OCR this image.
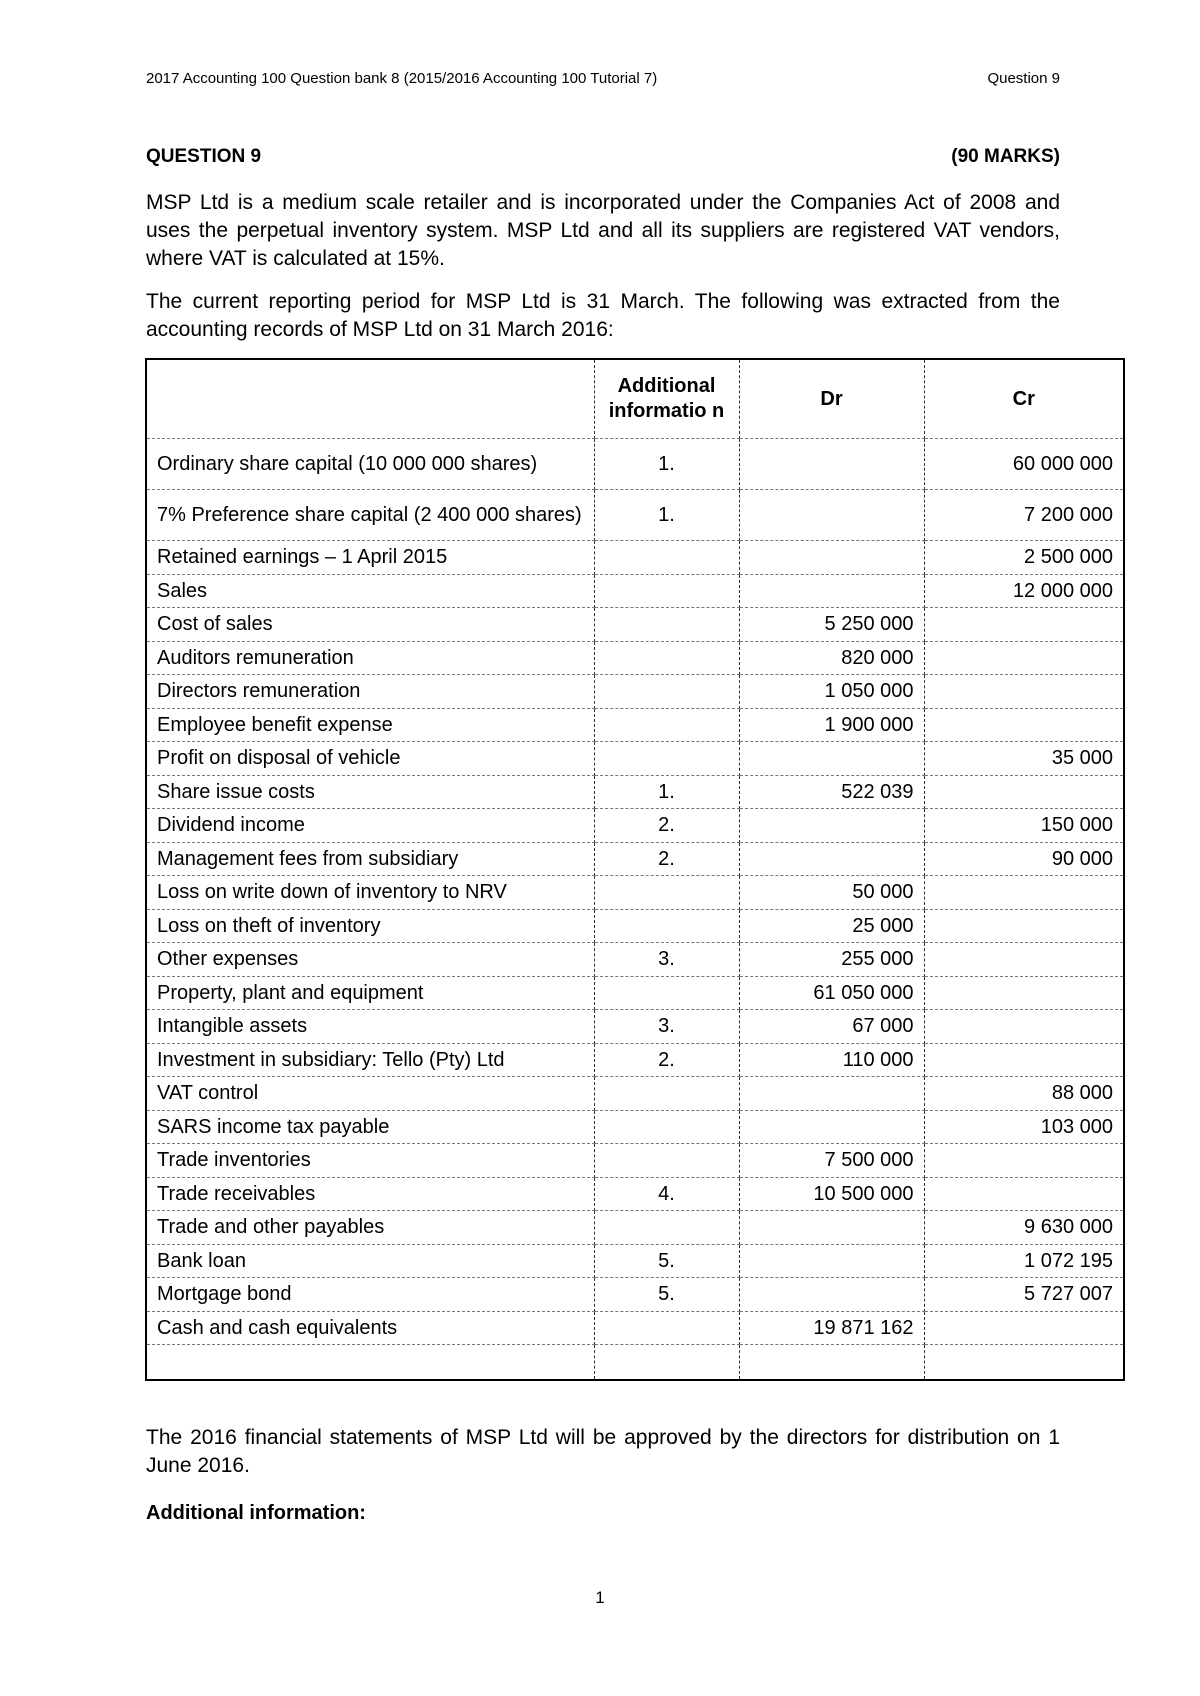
2017 Accounting 100 Question bank 8 (2015/2016 Accounting 100 Tutorial 7)	Question 9
QUESTION 9	(90 MARKS)

MSP Ltd is a medium scale retailer and is incorporated under the Companies Act of 2008 and uses the perpetual inventory system. MSP Ltd and all its suppliers are registered VAT vendors, where VAT is calculated at 15%.

The current reporting period for MSP Ltd is 31 March. The following was extracted from the accounting records of MSP Ltd on 31 March 2016:

	Additional informatio n	Dr	Cr
Ordinary share capital (10 000 000 shares)	1.		60 000 000
7% Preference share capital (2 400 000 shares)	1.		7 200 000
Retained earnings – 1 April 2015			2 500 000
Sales			12 000 000
Cost of sales		5 250 000	
Auditors remuneration		820 000	
Directors remuneration		1 050 000	
Employee benefit expense		1 900 000	
Profit on disposal of vehicle			35 000
Share issue costs	1.	522 039	
Dividend income	2.		150 000
Management fees from subsidiary	2.		90 000
Loss on write down of inventory to NRV		50 000	
Loss on theft of inventory		25 000	
Other expenses	3.	255 000	
Property, plant and equipment		61 050 000	
Intangible assets	3.	67 000	
Investment in subsidiary: Tello (Pty) Ltd	2.	110 000	
VAT control			88 000
SARS income tax payable			103 000
Trade inventories		7 500 000	
Trade receivables	4.	10 500 000	
Trade and other payables			9 630 000
Bank loan	5.		1 072 195
Mortgage bond	5.		5 727 007
Cash and cash equivalents		19 871 162	

The 2016 financial statements of MSP Ltd will be approved by the directors for distribution on 1 June 2016.

Additional information:
1
